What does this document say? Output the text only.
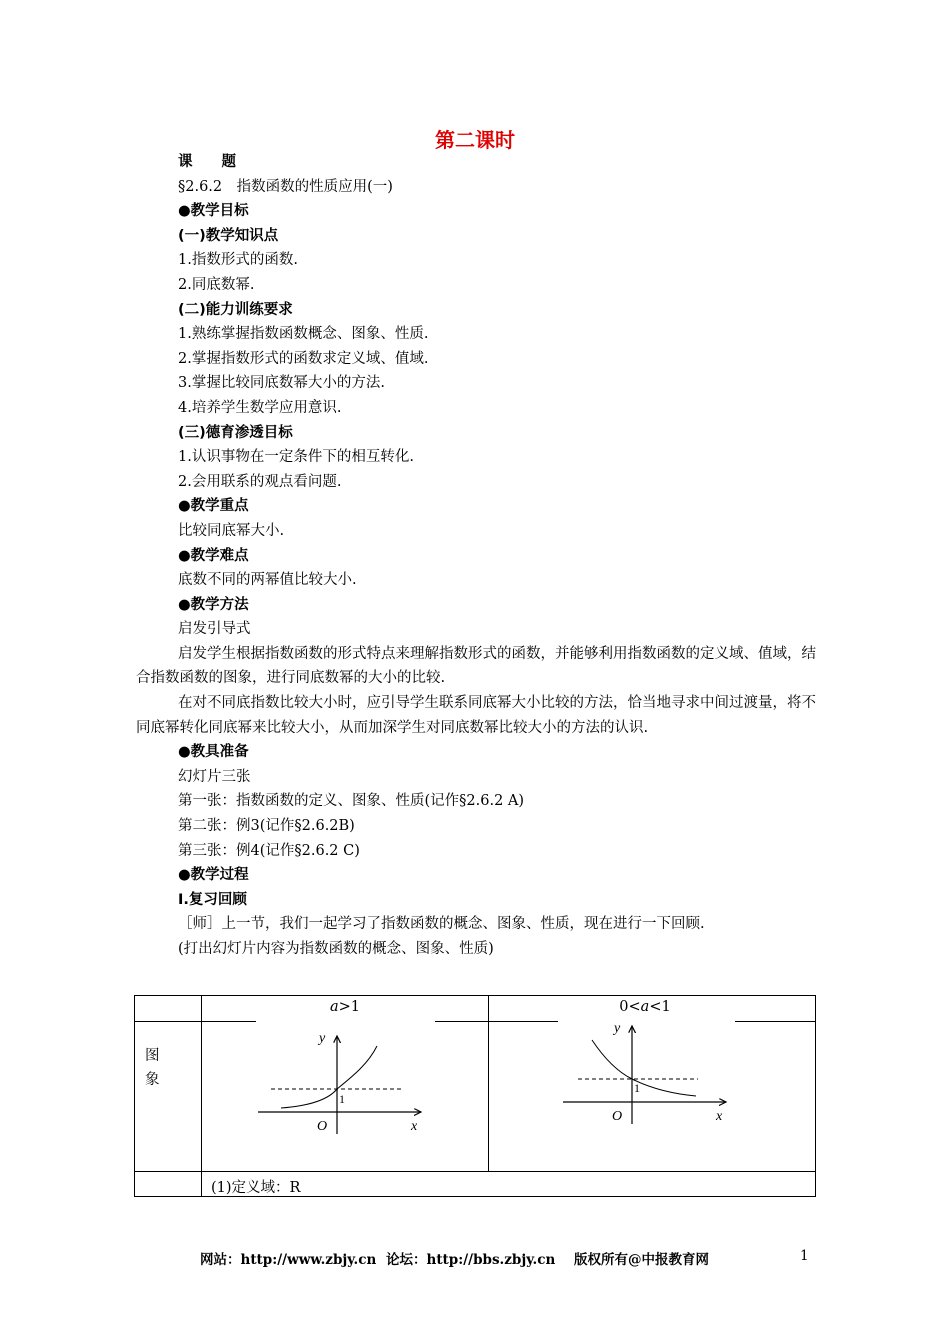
第二课时
课　　题
§2.6.2　指数函数的性质应用(一)
●教学目标
(一)教学知识点
1.指数形式的函数.
2.同底数幂.
(二)能力训练要求
1.熟练掌握指数函数概念、图象、性质.
2.掌握指数形式的函数求定义域、值域.
3.掌握比较同底数幂大小的方法.
4.培养学生数学应用意识.
(三)德育渗透目标
1.认识事物在一定条件下的相互转化.
2.会用联系的观点看问题.
●教学重点
比较同底幂大小.
●教学难点
底数不同的两幂值比较大小.
●教学方法
启发引导式
启发学生根据指数函数的形式特点来理解指数形式的函数，并能够利用指数函数的定义域、值域，结合指数函数的图象，进行同底数幂的大小的比较.
在对不同底指数比较大小时，应引导学生联系同底幂大小比较的方法，恰当地寻求中间过渡量，将不同底幂转化同底幂来比较大小，从而加深学生对同底数幂比较大小的方法的认识.
●教具准备
幻灯片三张
第一张：指数函数的定义、图象、性质(记作§2.6.2 A)
第二张：例3(记作§2.6.2B)
第三张：例4(记作§2.6.2 C)
●教学过程
Ⅰ.复习回顾
［师］上一节，我们一起学习了指数函数的概念、图象、性质，现在进行一下回顾.
(打出幻灯片内容为指数函数的概念、图象、性质)
a>1	0<a<1
图象
y
x
O
1
y
x
O
1
(1)定义域：R
网站：http://www.zbjy.cn 论坛：http://bbs.zbjy.cn 版权所有@中报教育网	1
